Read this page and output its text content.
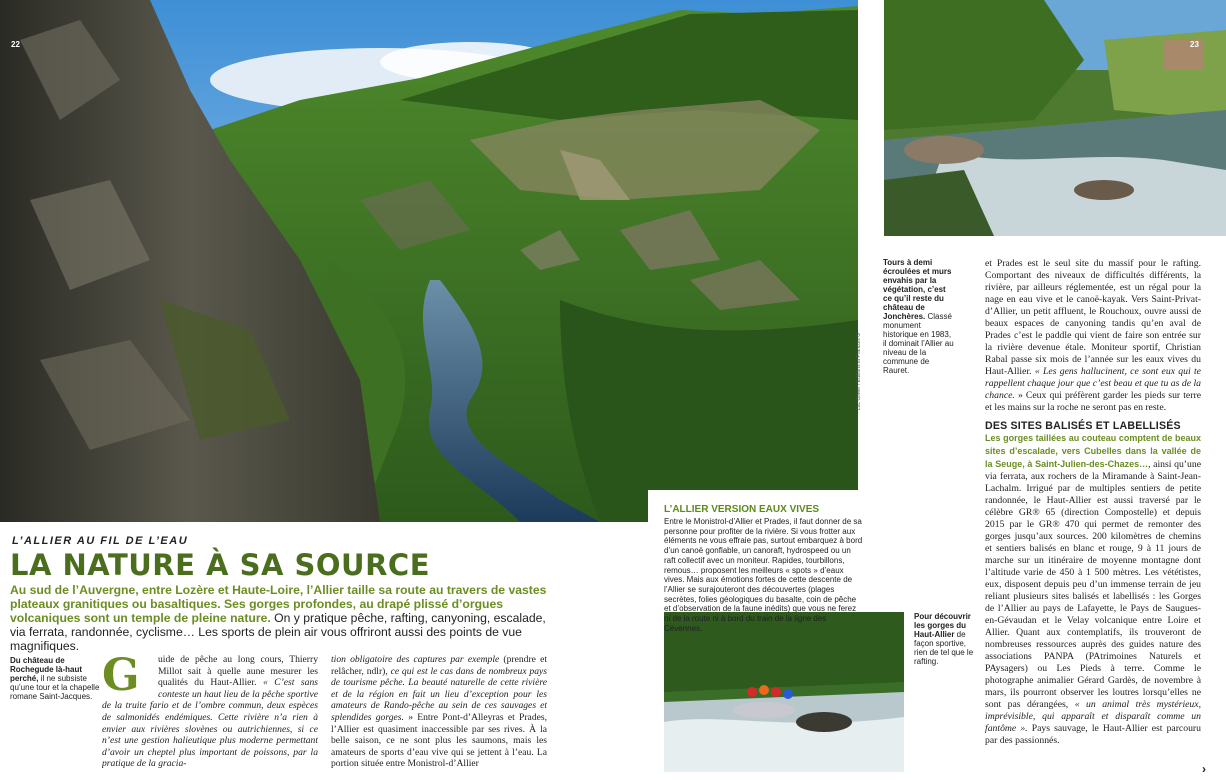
22
Luc Olivier / Editions et Francois G
23
Du château de Rochegude là-haut perché, il ne subsiste qu’une tour et la chapelle romane Saint-Jacques.
Tours à demi écroulées et murs envahis par la végétation, c’est ce qu’il reste du château de Jonchères. Classé monument historique en 1983, il dominait l’Allier au niveau de la commune de Rauret.
Pour découvrir les gorges du Haut-Allier de façon sportive, rien de tel que le rafting.
L’ALLIER AU FIL DE L’EAU
LA NATURE À SA SOURCE
Au sud de l’Auvergne, entre Lozère et Haute-Loire, l’Allier taille sa route au travers de vastes plateaux granitiques ou basaltiques. Ses gorges profondes, au drapé plissé d’orgues volcaniques sont un temple de pleine nature. On y pratique pêche, rafting, canyoning, escalade, via ferrata, randonnée, cyclisme… Les sports de plein air vous offriront aussi des points de vue magnifiques.
G	uide de pêche au long cours, Thierry Millot sait à quelle aune mesurer les qualités du Haut-Allier. « C’est sans conteste un haut lieu de la pêche sportive de la truite fario et de l’ombre commun, deux espèces de salmonidés endémiques. Cette rivière n’a rien à envier aux rivières slovènes ou autrichiennes, si ce n’est une gestion halieutique plus moderne permettant d’avoir un cheptel plus important de poissons, par la pratique de la gracia-
tion obligatoire des captures par exemple (prendre et relâcher, ndlr), ce qui est le cas dans de nombreux pays de tourisme pêche. La beauté naturelle de cette rivière et de la région en fait un lieu d’exception pour les amateurs de Rando-pêche au sein de ces sauvages et splendides gorges. » Entre Pont-d’Alleyras et Prades, l’Allier est quasiment inaccessible par ses rives. À la belle saison, ce ne sont plus les saumons, mais les amateurs de sports d’eau vive qui se jettent à l’eau. La portion située entre Monistrol-d’Allier
L’ALLIER VERSION EAUX VIVES

Entre le Monistrol-d’Allier et Prades, il faut donner de sa personne pour profiter de la rivière. Si vous frotter aux éléments ne vous effraie pas, surtout embarquez à bord d’un canoë gonflable, un canoraft, hydrospeed ou un raft collectif avec un moniteur. Rapides, tourbillons, remous… proposent les meilleurs « spots » d’eaux vives. Mais aux émotions fortes de cette descente de l’Allier se surajouteront des découvertes (plages secrètes, folies géologiques du basalte, coin de pêche et d’observation de la faune inédits) que vous ne ferez ni de la route ni à bord du train de la ligne des Cévennes.

et Prades est le seul site du massif pour le rafting. Comportant des niveaux de difficultés différents, la rivière, par ailleurs réglementée, est un régal pour la nage en eau vive et le canoë-kayak. Vers Saint-Privat-d’Allier, un petit affluent, le Rouchoux, ouvre aussi de beaux espaces de canyoning tandis qu’en aval de Prades c’est le paddle qui vient de faire son entrée sur la rivière devenue étale. Moniteur sportif, Christian Rabal passe six mois de l’année sur les eaux vives du Haut-Allier. « Les gens hallucinent, ce sont eux qui te rappellent chaque jour que c’est beau et que tu as de la chance. » Ceux qui préfèrent garder les pieds sur terre et les mains sur la roche ne seront pas en reste.
DES SITES BALISÉS ET LABELLISÉS
Les gorges taillées au couteau comptent de beaux sites d’escalade, vers Cubelles dans la vallée de la Seuge, à Saint-Julien-des-Chazes…, ainsi qu’une via ferrata, aux rochers de la Miramande à Saint-Jean-Lachalm. Irrigué par de multiples sentiers de petite randonnée, le Haut-Allier est aussi traversé par le célèbre GR® 65 (direction Compostelle) et depuis 2015 par le GR® 470 qui permet de remonter des gorges jusqu’aux sources. 200 kilomètres de chemins et sentiers balisés en blanc et rouge, 9 à 11 jours de marche sur un itinéraire de moyenne montagne dont l’altitude varie de 450 à 1 500 mètres. Les vététistes, eux, disposent depuis peu d’un immense terrain de jeu reliant plusieurs sites balisés et labellisés : les Gorges de l’Allier au pays de Lafayette, le Pays de Saugues-en-Gévaudan et le Velay volcanique entre Loire et Allier. Quant aux contemplatifs, ils trouveront de nombreuses ressources auprès des guides nature des associations PANPA (PAtrimoines Naturels et PAysagers) ou Les Pieds à terre. Comme le photographe animalier Gérard Gardès, de novembre à mars, ils pourront observer les loutres lorsqu’elles ne sont pas dérangées, « un animal très mystérieux, imprévisible, qui apparaît et disparaît comme un fantôme ». Pays sauvage, le Haut-Allier est parcouru par des passionnés.
›
